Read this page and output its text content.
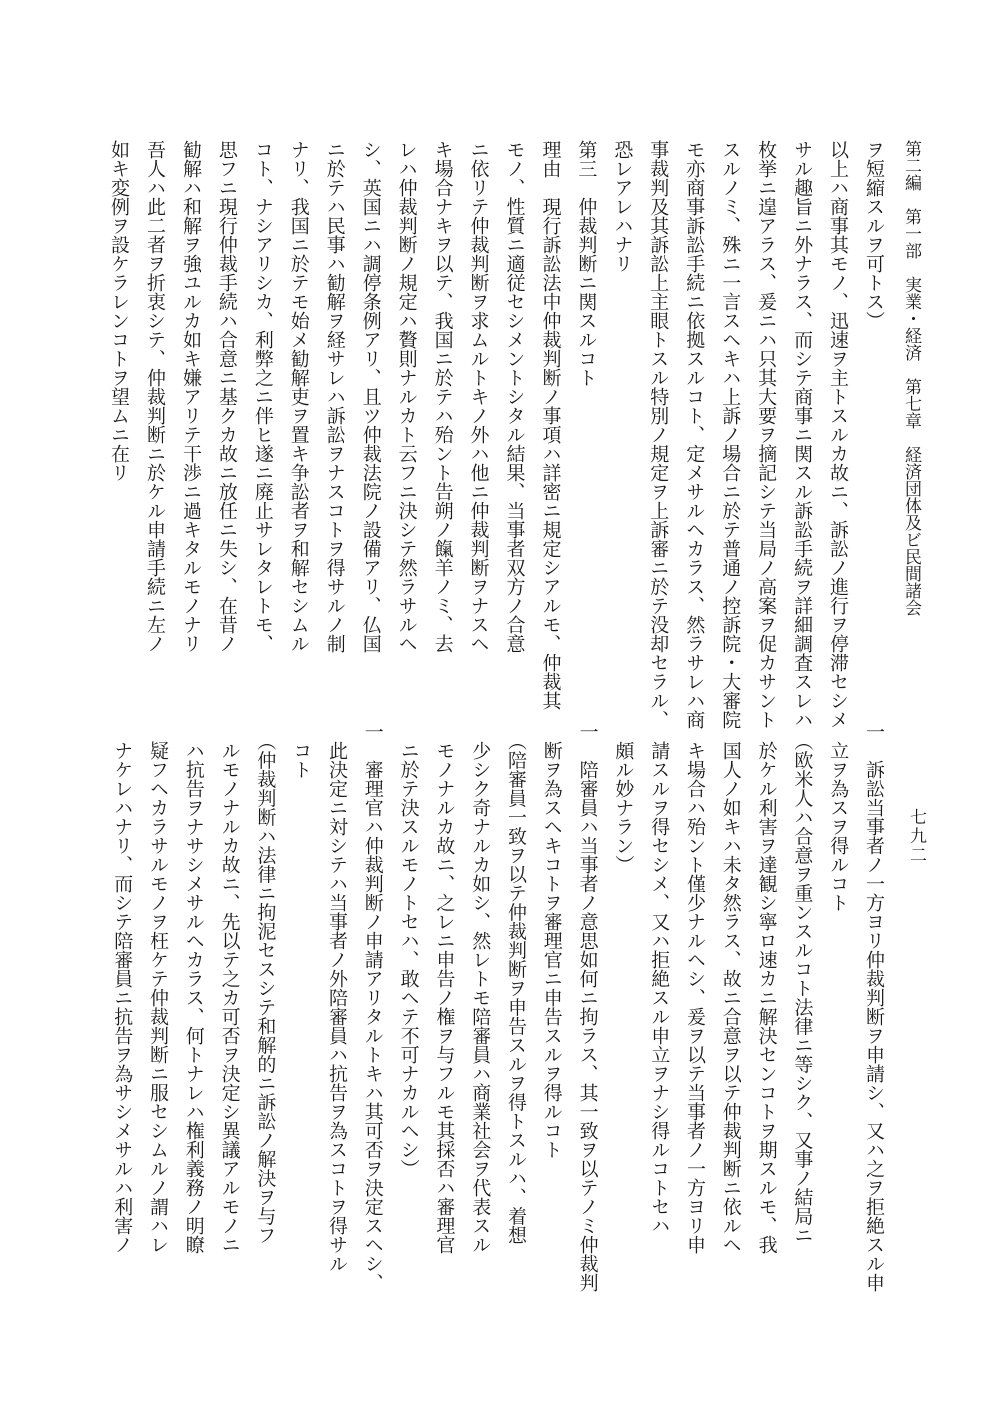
第二編　第一部　実業・経済　第七章　経済団体及ビ民間諸会
七九二
ヲ短縮スルヲ可トス）
以上ハ商事其モノ、迅速ヲ主トスルカ故ニ、訴訟ノ進行ヲ停滞セシメ
サル趣旨ニ外ナラス、而シテ商事ニ関スル訴訟手続ヲ詳細調査スレハ
枚挙ニ遑アラス、爰ニハ只其大要ヲ摘記シテ当局ノ高案ヲ促カサント
スルノミ、殊ニ一言スヘキハ上訴ノ場合ニ於テ普通ノ控訴院・大審院
モ亦商事訴訟手続ニ依拠スルコト、定メサルヘカラス、然ラサレハ商
事裁判及其訴訟上主眼トスル特別ノ規定ヲ上訴審ニ於テ没却セラル、
恐レアレハナリ
第三　仲裁判断ニ関スルコト
理由　現行訴訟法中仲裁判断ノ事項ハ詳密ニ規定シアルモ、仲裁其
モノ、性質ニ適従セシメントシタル結果、当事者双方ノ合意
ニ依リテ仲裁判断ヲ求ムルトキノ外ハ他ニ仲裁判断ヲナスヘ
キ場合ナキヲ以テ、我国ニ於テハ殆ント告朔ノ餼羊ノミ、去
レハ仲裁判断ノ規定ハ贅則ナルカト云フニ決シテ然ラサルヘ
シ、英国ニハ調停条例アリ、且ツ仲裁法院ノ設備アリ、仏国
ニ於テハ民事ハ勧解ヲ経サレハ訴訟ヲナスコトヲ得サルノ制
ナリ、我国ニ於テモ始メ勧解吏ヲ置キ争訟者ヲ和解セシムル
コト、ナシアリシカ、利弊之ニ伴ヒ遂ニ廃止サレタレトモ、
思フニ現行仲裁手続ハ合意ニ基クカ故ニ放任ニ失シ、在昔ノ
勧解ハ和解ヲ強ユルカ如キ嫌アリテ干渉ニ過キタルモノナリ
吾人ハ此二者ヲ折衷シテ、仲裁判断ニ於ケル申請手続ニ左ノ
如キ変例ヲ設ケラレンコトヲ望ムニ在リ
一　訴訟当事者ノ一方ヨリ仲裁判断ヲ申請シ、又ハ之ヲ拒絶スル申
　立ヲ為スヲ得ルコト
　（欧米人ハ合意ヲ重ンスルコト法律ニ等シク、又事ノ結局ニ
　於ケル利害ヲ達観シ寧ロ速カニ解決センコトヲ期スルモ、我
　国人ノ如キハ未タ然ラス、故ニ合意ヲ以テ仲裁判断ニ依ルヘ
　キ場合ハ殆ント僅少ナルヘシ、爰ヲ以テ当事者ノ一方ヨリ申
　請スルヲ得セシメ、又ハ拒絶スル申立ヲナシ得ルコトセハ
　頗ル妙ナラン）
一　陪審員ハ当事者ノ意思如何ニ拘ラス、其一致ヲ以テノミ仲裁判
　断ヲ為スヘキコトヲ審理官ニ申告スルヲ得ルコト
　（陪審員一致ヲ以テ仲裁判断ヲ申告スルヲ得トスルハ、着想
　少シク奇ナルカ如シ、然レトモ陪審員ハ商業社会ヲ代表スル
　モノナルカ故ニ、之レニ申告ノ権ヲ与フルモ其採否ハ審理官
　ニ於テ決スルモノトセハ、敢ヘテ不可ナカルヘシ）
一　審理官ハ仲裁判断ノ申請アリタルトキハ其可否ヲ決定スヘシ、
　此決定ニ対シテハ当事者ノ外陪審員ハ抗告ヲ為スコトヲ得サル
　コト
　（仲裁判断ハ法律ニ拘泥セスシテ和解的ニ訴訟ノ解決ヲ与フ
　ルモノナルカ故ニ、先以テ之カ可否ヲ決定シ異議アルモノニ
　ハ抗告ヲナサシメサルヘカラス、何トナレハ権利義務ノ明瞭
　疑フヘカラサルモノヲ枉ケテ仲裁判断ニ服セシムルノ謂ハレ
　ナケレハナリ、而シテ陪審員ニ抗告ヲ為サシメサルハ利害ノ
